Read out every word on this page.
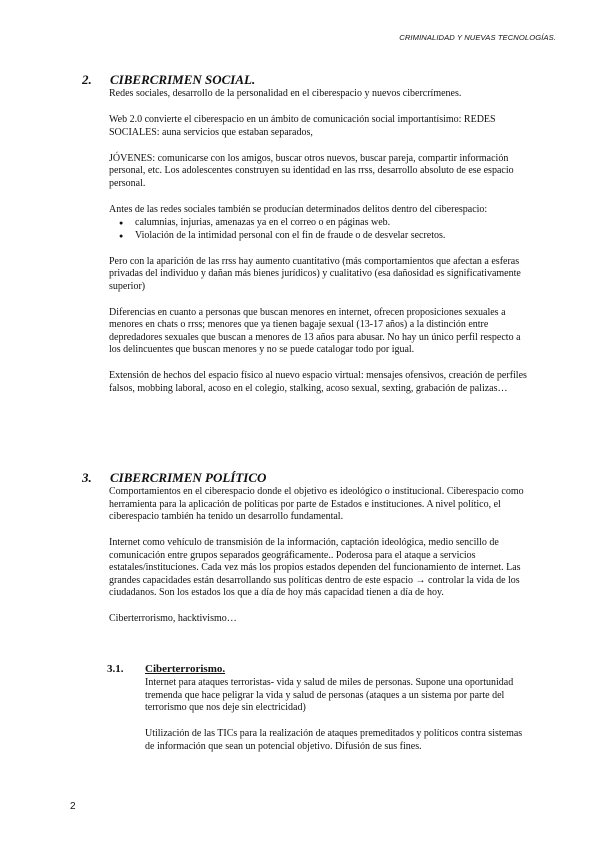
CRIMINALIDAD Y NUEVAS TECNOLOGÍAS.
2. CIBERCRIMEN SOCIAL.

Redes sociales, desarrollo de la personalidad en el ciberespacio y nuevos cibercrímenes.

Web 2.0 convierte el ciberespacio en un ámbito de comunicación social importantísimo: REDES SOCIALES: auna servicios que estaban separados,

JÓVENES: comunicarse con los amigos, buscar otros nuevos, buscar pareja, compartir información personal, etc. Los adolescentes construyen su identidad en las rrss, desarrollo absoluto de ese espacio personal.

Antes de las redes sociales también se producían determinados delitos dentro del ciberespacio:

● calumnias, injurias, amenazas ya en el correo o en páginas web.
● Violación de la intimidad personal con el fin de fraude o de desvelar secretos.

Pero con la aparición de las rrss hay aumento cuantitativo (más comportamientos que afectan a esferas privadas del individuo y dañan más bienes jurídicos) y cualitativo (esa dañosidad es significativamente superior)

Diferencias en cuanto a personas que buscan menores en internet, ofrecen proposiciones sexuales a menores en chats o rrss; menores que ya tienen bagaje sexual (13-17 años) a la distinción entre depredadores sexuales que buscan a menores de 13 años para abusar. No hay un único perfil respecto a los delincuentes que buscan menores y no se puede catalogar todo por igual.

Extensión de hechos del espacio físico al nuevo espacio virtual: mensajes ofensivos, creación de perfiles falsos, mobbing laboral, acoso en el colegio, stalking, acoso sexual, sexting, grabación de palizas…

3. CIBERCRIMEN POLÍTICO

Comportamientos en el ciberespacio donde el objetivo es ideológico o institucional. Ciberespacio como herramienta para la aplicación de políticas por parte de Estados e instituciones. A nivel político, el ciberespacio también ha tenido un desarrollo fundamental.

Internet como vehículo de transmisión de la información, captación ideológica, medio sencillo de comunicación entre grupos separados geográficamente.. Poderosa para el ataque a servicios estatales/instituciones. Cada vez más los propios estados dependen del funcionamiento de internet. Las grandes capacidades están desarrollando sus políticas dentro de este espacio → controlar la vida de los ciudadanos. Son los estados los que a día de hoy más capacidad tienen a día de hoy.

Ciberterrorismo, hacktivismo…

3.1. Ciberterrorismo.

Internet para ataques terroristas- vida y salud de miles de personas. Supone una oportunidad tremenda que hace peligrar la vida y salud de personas (ataques a un sistema por parte del terrorismo que nos deje sin electricidad)

Utilización de las TICs para la realización de ataques premeditados y políticos contra sistemas de información que sean un potencial objetivo. Difusión de sus fines.

2
